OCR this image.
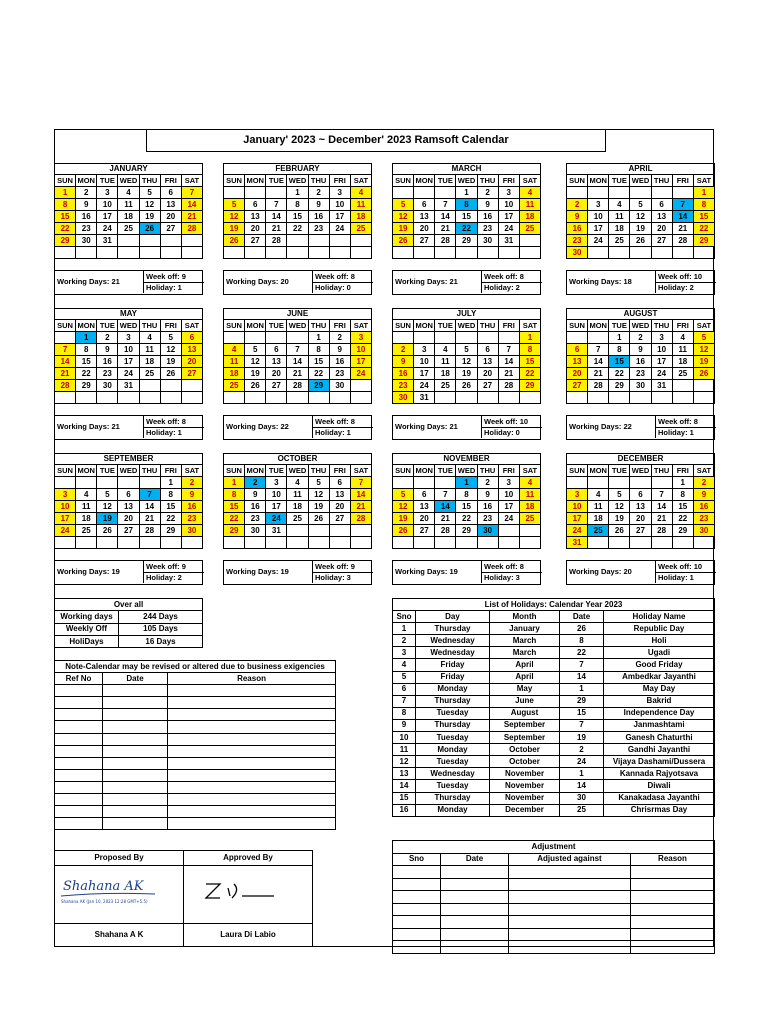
January' 2023 ~ December' 2023 Ramsoft Calendar
JANUARY						
SUN	MON	TUE	WED	THU	FRI	SAT
1	2	3	4	5	6	7
8	9	10	11	12	13	14
15	16	17	18	19	20	21
22	23	24	25	26	27	28
29	30	31				

Working Days: 21
Week off: 9
Holiday: 1
FEBRUARY						
SUN	MON	TUE	WED	THU	FRI	SAT
			1	2	3	4
5	6	7	8	9	10	11
12	13	14	15	16	17	18
19	20	21	22	23	24	25
26	27	28				

Working Days: 20
Week off: 8
Holiday: 0
MARCH						
SUN	MON	TUE	WED	THU	FRI	SAT
			1	2	3	4
5	6	7	8	9	10	11
12	13	14	15	16	17	18
19	20	21	22	23	24	25
26	27	28	29	30	31	

Working Days: 21
Week off: 8
Holiday: 2
APRIL						
SUN	MON	TUE	WED	THU	FRI	SAT
						1
2	3	4	5	6	7	8
9	10	11	12	13	14	15
16	17	18	19	20	21	22
23	24	25	26	27	28	29
30						
Working Days: 18
Week off: 10
Holiday: 2
MAY						
SUN	MON	TUE	WED	THU	FRI	SAT
	1	2	3	4	5	6
7	8	9	10	11	12	13
14	15	16	17	18	19	20
21	22	23	24	25	26	27
28	29	30	31			

Working Days: 21
Week off: 8
Holiday: 1
JUNE						
SUN	MON	TUE	WED	THU	FRI	SAT
				1	2	3
4	5	6	7	8	9	10
11	12	13	14	15	16	17
18	19	20	21	22	23	24
25	26	27	28	29	30	

Working Days: 22
Week off: 8
Holiday: 1
JULY						
SUN	MON	TUE	WED	THU	FRI	SAT
						1
2	3	4	5	6	7	8
9	10	11	12	13	14	15
16	17	18	19	20	21	22
23	24	25	26	27	28	29
30	31					
Working Days: 21
Week off: 10
Holiday: 0
AUGUST						
SUN	MON	TUE	WED	THU	FRI	SAT
		1	2	3	4	5
6	7	8	9	10	11	12
13	14	15	16	17	18	19
20	21	22	23	24	25	26
27	28	29	30	31		

Working Days: 22
Week off: 8
Holiday: 1
SEPTEMBER						
SUN	MON	TUE	WED	THU	FRI	SAT
					1	2
3	4	5	6	7	8	9
10	11	12	13	14	15	16
17	18	19	20	21	22	23
24	25	26	27	28	29	30

Working Days: 19
Week off: 9
Holiday: 2
OCTOBER						
SUN	MON	TUE	WED	THU	FRI	SAT
1	2	3	4	5	6	7
8	9	10	11	12	13	14
15	16	17	18	19	20	21
22	23	24	25	26	27	28
29	30	31				

Working Days: 19
Week off: 9
Holiday: 3
NOVEMBER						
SUN	MON	TUE	WED	THU	FRI	SAT
			1	2	3	4
5	6	7	8	9	10	11
12	13	14	15	16	17	18
19	20	21	22	23	24	25
26	27	28	29	30		

Working Days: 19
Week off: 8
Holiday: 3
DECEMBER						
SUN	MON	TUE	WED	THU	FRI	SAT
					1	2
3	4	5	6	7	8	9
10	11	12	13	14	15	16
17	18	19	20	21	22	23
24	25	26	27	28	29	30
31						
Working Days: 20
Week off: 10
Holiday: 1
Over all	
Working days	244 Days
Weekly Off	105 Days
HoliDays	16 Days
Note-Calendar may be revised or altered due to business exigencies		
Ref No	Date	Reason

List of Holidays: Calendar Year 2023				
Sno	Day	Month	Date	Holiday Name
1	Thursday	January	26	Republic Day
2	Wednesday	March	8	Holi
3	Wednesday	March	22	Ugadi
4	Friday	April	7	Good Friday
5	Friday	April	14	Ambedkar Jayanthi
6	Monday	May	1	May Day
7	Thursday	June	29	Bakrid
8	Tuesday	August	15	Independence Day
9	Thursday	September	7	Janmashtami
10	Tuesday	September	19	Ganesh Chaturthi
11	Monday	October	2	Gandhi Jayanthi
12	Tuesday	October	24	Vijaya Dashami/Dussera
13	Wednesday	November	1	Kannada Rajyotsava
14	Tuesday	November	14	Diwali
15	Thursday	November	30	Kanakadasa Jayanthi
16	Monday	December	25	Chrisrmas Day
Proposed By
Shahana AK
Shahana AK (Jan 10, 2023 12:28 GMT+5.5)
Shahana A K
Approved By
Laura Di Labio
Adjustment			
Sno	Date	Adjusted against	Reason
